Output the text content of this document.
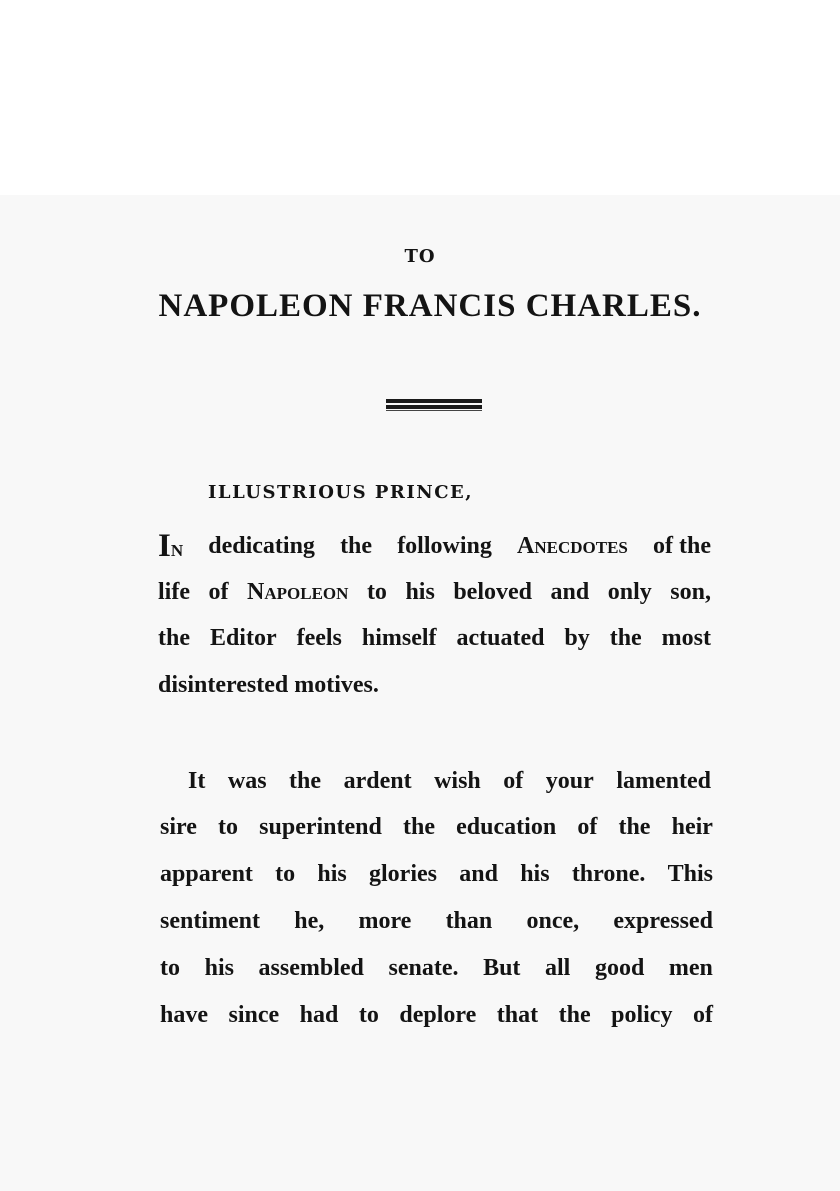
TO
NAPOLEON FRANCIS CHARLES.
ILLUSTRIOUS PRINCE,
In dedicating the following Anecdotes of the
life of Napoleon to his beloved and only son,
the Editor feels himself actuated by the most
disinterested
motives.
It was the ardent wish of your lamented
sire to superintend the education of the heir
apparent to his glories and his throne. This
sentiment he, more than once, expressed
to his assembled senate. But all good men
have since had to deplore that the policy of
